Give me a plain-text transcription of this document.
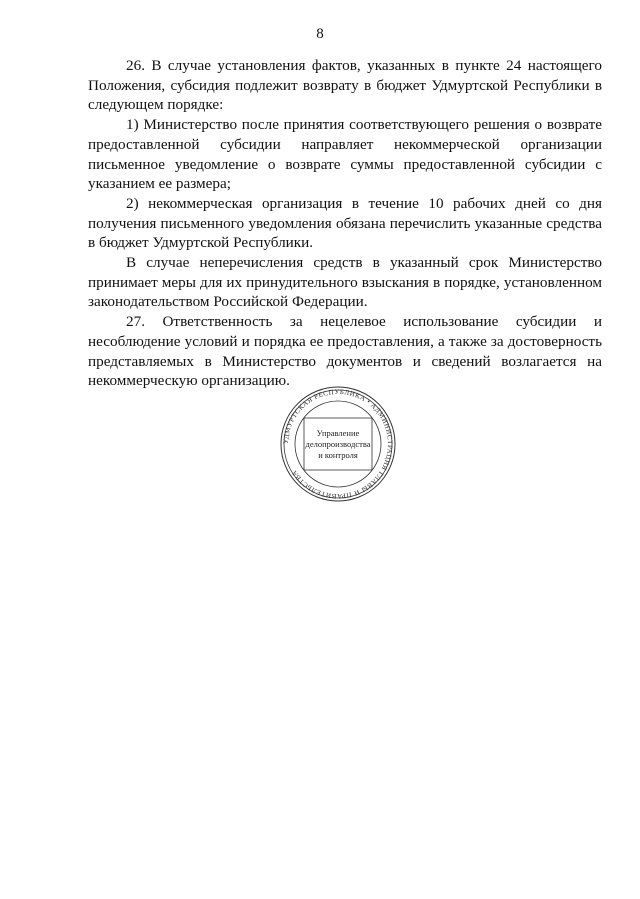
8

26. В случае установления фактов, указанных в пункте 24 настоящего Положения, субсидия подлежит возврату в бюджет Удмуртской Республики в следующем порядке:

1) Министерство после принятия соответствующего решения о возврате предоставленной субсидии направляет некоммерческой организации письменное уведомление о возврате суммы предоставленной субсидии с указанием ее размера;

2) некоммерческая организация в течение 10 рабочих дней со дня получения письменного уведомления обязана перечислить указанные средства в бюджет Удмуртской Республики.

В случае неперечисления средств в указанный срок Министерство принимает меры для их принудительного взыскания в порядке, установленном законодательством Российской Федерации.

27. Ответственность за нецелевое использование субсидии и несоблюдение условий и порядка ее предоставления, а также за достоверность представляемых в Министерство документов и сведений возлагается на некоммерческую организацию.

УДМУРТСКАЯ РЕСПУБЛИКА • АДМИНИСТРАЦИЯ ГЛАВЫ И ПРАВИТЕЛЬСТВА
Управление
делопроизводства
и контроля
